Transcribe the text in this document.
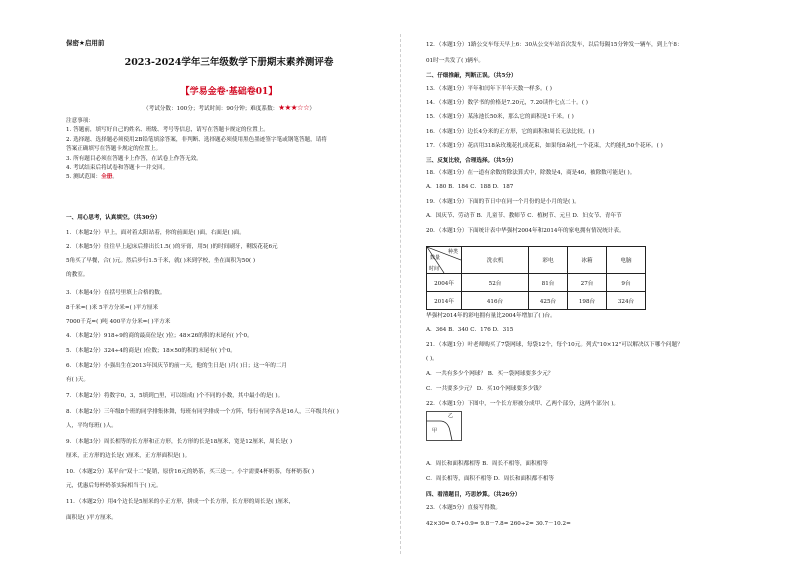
保密★启用前
2023-2024学年三年级数学下册期末素养测评卷
【学易金卷·基础卷01】
（考试分数：100分；考试时间：90分钟；难度系数：★★★☆☆）
注意事项：
1. 答题前，填写好自己的姓名、班级、考号等信息，请写在答题卡规定的位置上。
2. 选择题、选择题必须使用2B铅笔填涂答案，非判断、选择题必须使用黑色墨迹签字笔或钢笔答题，请将
答案正确填写在答题卡规定的位置上。
3. 所有题目必须在答题卡上作答，在试卷上作答无效。
4. 考试结束后将试卷和答题卡一并交回。
5. 测试范围：全册。
一、用心思考，认真填空。（共30分）
1．（本题2分）早上，面对着太阳站着，你的前面是( )面，右面是( )面。
2．（本题5分）往往早上起床后排出长1.5( )的牙膏，用5( )的时间刷牙，剩饭花花6元
5角买了早餐，合( )元。然后步行1.5千米，就( )米到学校，坐在面积为50( )
的教室。
3．（本题4分）在括号里填上合格的数。
8千米=( )米 5平方分米=( )平方厘米
7000千克=( )吨 400平方分米=( )平方米
4．（本题2分）918÷9的商的最高位是( )位；48×26的积的末尾有( )个0。
5．（本题2分）324÷4的商是( )位数；18×50的积的末尾有( )个0。
6．（本题2分）小强出生在2013年国庆节的前一天，他的生日是( )月( )日；这一年的二月
有( )天。
7．（本题2分）将数字0，3，5填到□里，可以组成( )个不同的小数，其中最小的是( )。
8．（本题2分）三年级8个班的同学排集体舞，每班有同学排成一个方阵，每行有同学各是16人，三年级共有( )
人，平均每班( )人。
9．（本题3分）周长相等的长方形和正方形，长方形的长是18厘米，宽是12厘米，周长是( )
厘米，正方形的边长是( )厘米，正方形面积是( )。
10．（本题2分）某平台"双十二"促销，原价16元的奶茶，买三送一。小宇需要4杯奶茶，每杯奶茶( )
元，优惠后每杯奶茶实际相当于( )元。
11．（本题2分）用4个边长是5厘米的小正方形，拼成一个长方形，长方形的周长是( )厘米，
面积是( )平方厘米。
12．（本题1分）1路公交车每天早上6：30从公交车站首次发车，以后每隔15分钟发一辆车，到上午8：
01时一共发了( )辆车。
二、仔细推敲，判断正误。（共5分）
13．（本题1分）平年和闰年下半年天数一样多。( )
14．（本题1分）数学书的价格是7.20元，7.20读作七点二十。( )
15．（本题1分）某泳池长50米，那么它的面积是1千米。( )
16．（本题1分）边长4分米的正方形，它的面积和周长无法比较。( )
17．（本题1分）花店用318朵玫瑰花扎成花束，如果每8朵扎一个花束，大约能扎50个花环。( )
三、反复比较，合理选择。（共5分）
18．（本题1分）在一道有余数的除法算式中，除数是4，商是46，被除数可能是( )。
A．180 B．184 C．188 D．187
19．（本题1分）下面的节日中在同一个月份的是小月的是( )。
A．国庆节、劳动节 B．儿童节、教师节 C．植树节、元旦 D．妇女节、青年节
20．（本题1分）下面统计表中华强村2004年和2014年的家电拥有情况统计表。
种类
数量
时间	洗衣机	彩电	冰箱	电脑
2004年	52台	81台	27台	9台
2014年	416台	425台	198台	324台
华强村2014年的彩电拥有量比2004年增加了( )台。
A．364 B．340 C．176 D．315
21．（本题1分）叶老师购买了7袋网球，每袋12个，每个10元。列式"10×12"可以解决以下哪个问题？
( )。
A．一共有多少个网球？ B．买一袋网球要多少元？
C．一共要多少元？ D．买10个网球要多少钱？
22．（本题1分）下图中，一个长方形被分成甲、乙两个部分，这两个部分( )。
甲
乙
A．周长和面积都相等 B．周长不相等，面积相等
C．周长相等，面积不相等 D．周长和面积都不相等
四、看清题目，巧思妙算。（共26分）
23．（本题5分）直接写得数。
42×30= 0.7+0.9= 9.8－7.8= 260÷2= 30.7－10.2=
